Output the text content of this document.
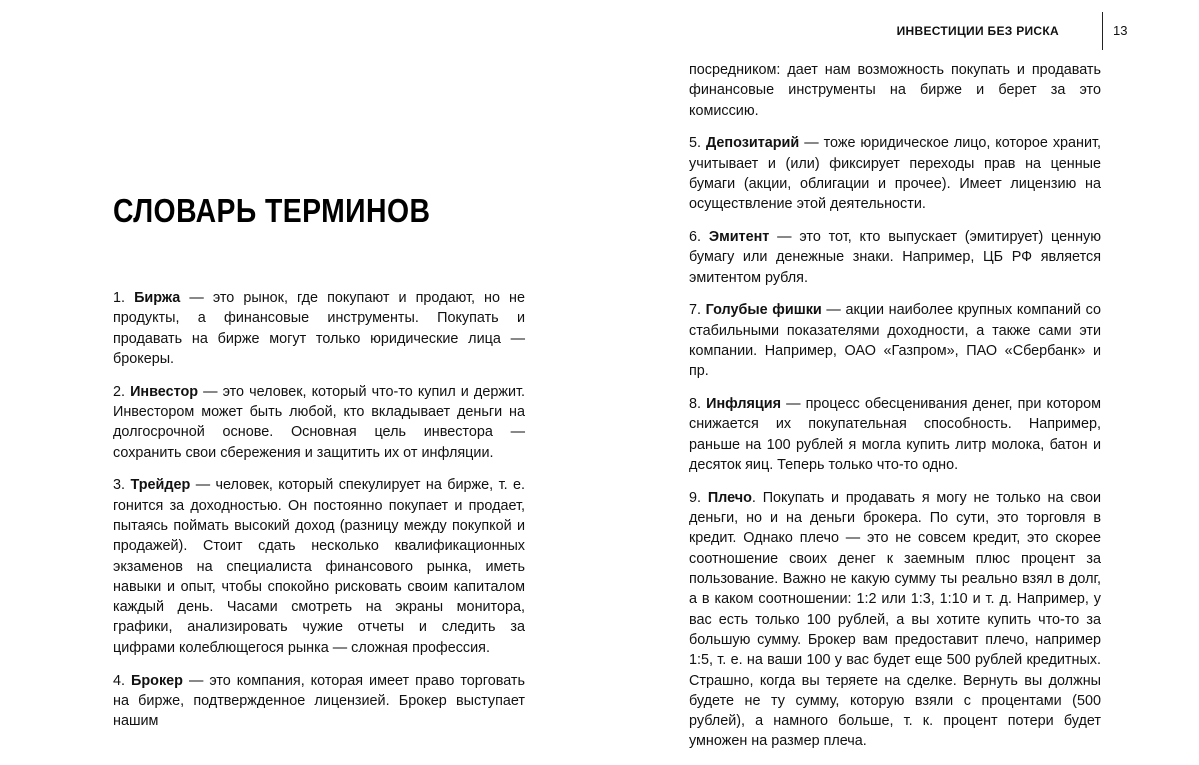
СЛОВАРЬ ТЕРМИНОВ

1. Биржа — это рынок, где покупают и продают, но не продукты, а финансовые инструменты. Покупать и продавать на бирже могут только юридические лица — брокеры.

2. Инвестор — это человек, который что-то купил и держит. Инвестором может быть любой, кто вкладывает деньги на долгосрочной основе. Основная цель инвестора — сохранить свои сбережения и защитить их от инфляции.

3. Трейдер — человек, который спекулирует на бирже, т. е. гонится за доходностью. Он постоянно покупает и продает, пытаясь поймать высокий доход (разницу между покупкой и продажей). Стоит сдать несколько квалификационных экзаменов на специалиста финансового рынка, иметь навыки и опыт, чтобы спокойно рисковать своим капиталом каждый день. Часами смотреть на экраны монитора, графики, анализировать чужие отчеты и следить за цифрами колеблющегося рынка — сложная профессия.

4. Брокер — это компания, которая имеет право торговать на бирже, подтвержденное лицензией. Брокер выступает нашим

ИНВЕСТИЦИИ БЕЗ РИСКА	13

посредником: дает нам возможность покупать и продавать финансовые инструменты на бирже и берет за это комиссию.

5. Депозитарий — тоже юридическое лицо, которое хранит, учитывает и (или) фиксирует переходы прав на ценные бумаги (акции, облигации и прочее). Имеет лицензию на осуществление этой деятельности.

6. Эмитент — это тот, кто выпускает (эмитирует) ценную бумагу или денежные знаки. Например, ЦБ РФ является эмитентом рубля.

7. Голубые фишки — акции наиболее крупных компаний со стабильными показателями доходности, а также сами эти компании. Например, ОАО «Газпром», ПАО «Сбербанк» и пр.

8. Инфляция — процесс обесценивания денег, при котором снижается их покупательная способность. Например, раньше на 100 рублей я могла купить литр молока, батон и десяток яиц. Теперь только что-то одно.

9. Плечо. Покупать и продавать я могу не только на свои деньги, но и на деньги брокера. По сути, это торговля в кредит. Однако плечо — это не совсем кредит, это скорее соотношение своих денег к заемным плюс процент за пользование. Важно не какую сумму ты реально взял в долг, а в каком соотношении: 1:2 или 1:3, 1:10 и т. д. Например, у вас есть только 100 рублей, а вы хотите купить что-то за большую сумму. Брокер вам предоставит плечо, например 1:5, т. е. на ваши 100 у вас будет еще 500 рублей кредитных. Страшно, когда вы теряете на сделке. Вернуть вы должны будете не ту сумму, которую взяли с процентами (500 рублей), а намного больше, т. к. процент потери будет умножен на размер плеча.
